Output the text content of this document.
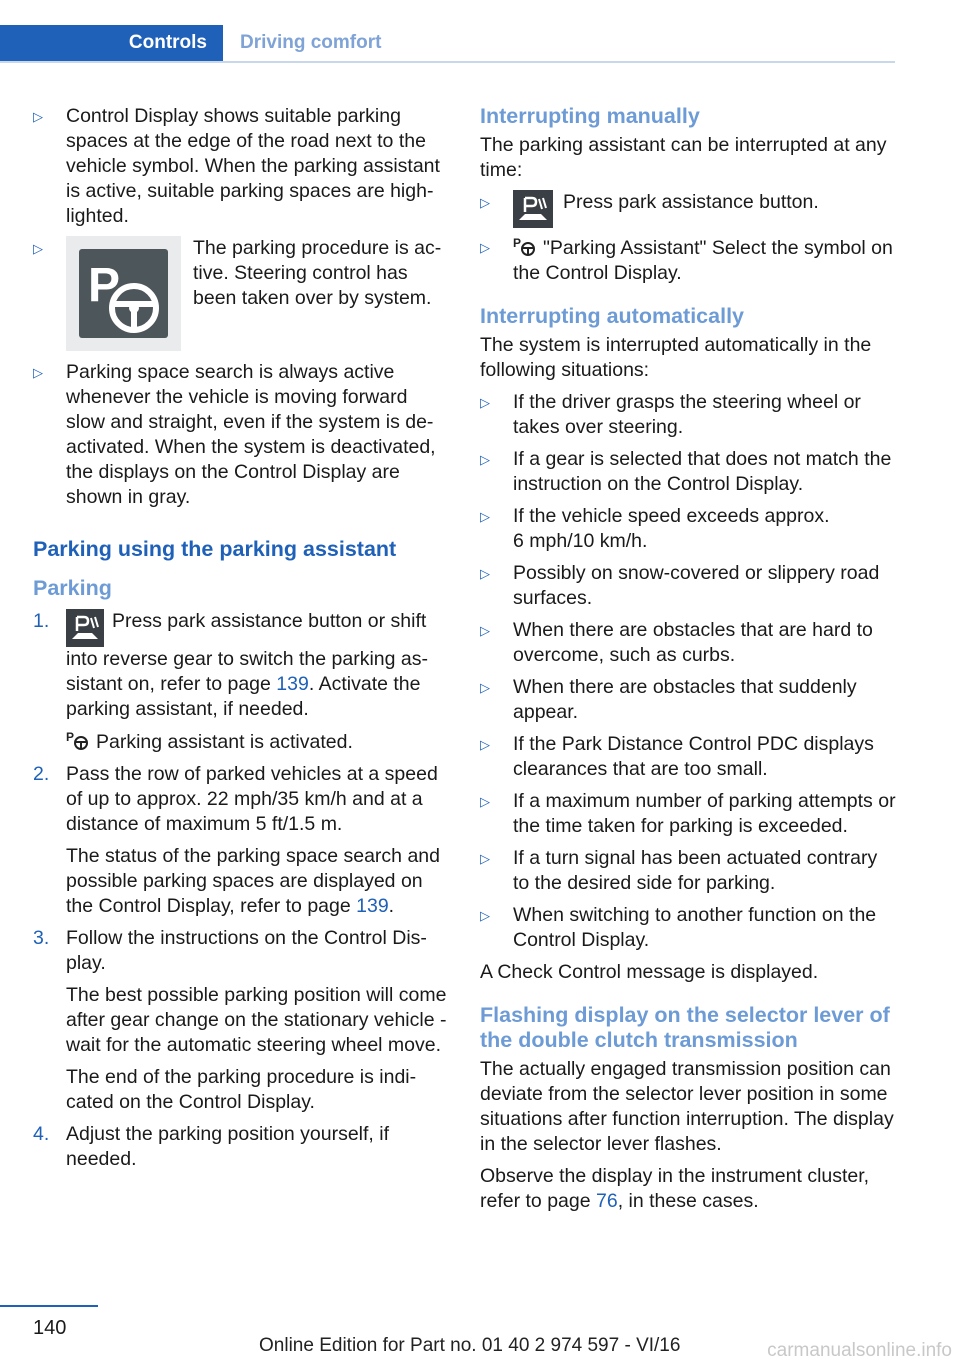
Controls	Driving comfort
▷ Control Display shows suitable parking spaces at the edge of the road next to the vehicle symbol. When the parking assistant is active, suitable parking spaces are high-lighted.
▷
P
The parking procedure is ac-tive. Steering control has been taken over by system.
▷ Parking space search is always active whenever the vehicle is moving forward slow and straight, even if the system is de-activated. When the system is deactivated, the displays on the Control Display are shown in gray.
Parking using the parking assistant
Parking
1.	Press park assistance button or shift into reverse gear to switch the parking as-sistant on, refer to page 139. Activate the parking assistant, if needed.

P Parking assistant is activated.

2. Pass the row of parked vehicles at a speed of up to approx. 22 mph/35 km/h and at a distance of maximum 5 ft/1.5 m.

The status of the parking space search and possible parking spaces are displayed on the Control Display, refer to page 139.

3. Follow the instructions on the Control Dis-play.

The best possible parking position will come after gear change on the stationary vehicle - wait for the automatic steering wheel move.

The end of the parking procedure is indi-cated on the Control Display.

4. Adjust the parking position yourself, if needed.
Interrupting manually

The parking assistant can be interrupted at any time:

▷	Press park assistance button.
▷ P "Parking Assistant" Select the symbol on the Control Display.
Interrupting automatically

The system is interrupted automatically in the following situations:

▷ If the driver grasps the steering wheel or takes over steering.
▷ If a gear is selected that does not match the instruction on the Control Display.
▷ If the vehicle speed exceeds approx.
6 mph/10 km/h.
▷ Possibly on snow-covered or slippery road surfaces.
▷ When there are obstacles that are hard to overcome, such as curbs.
▷ When there are obstacles that suddenly appear.
▷ If the Park Distance Control PDC displays clearances that are too small.
▷ If a maximum number of parking attempts or the time taken for parking is exceeded.
▷ If a turn signal has been actuated contrary to the desired side for parking.
▷ When switching to another function on the Control Display.

A Check Control message is displayed.

Flashing display on the selector lever of the double clutch transmission

The actually engaged transmission position can deviate from the selector lever position in some situations after function interruption. The display in the selector lever flashes.

Observe the display in the instrument cluster, refer to page 76, in these cases.

140
Online Edition for Part no. 01 40 2 974 597 - VI/16	carmanualsonline.info
